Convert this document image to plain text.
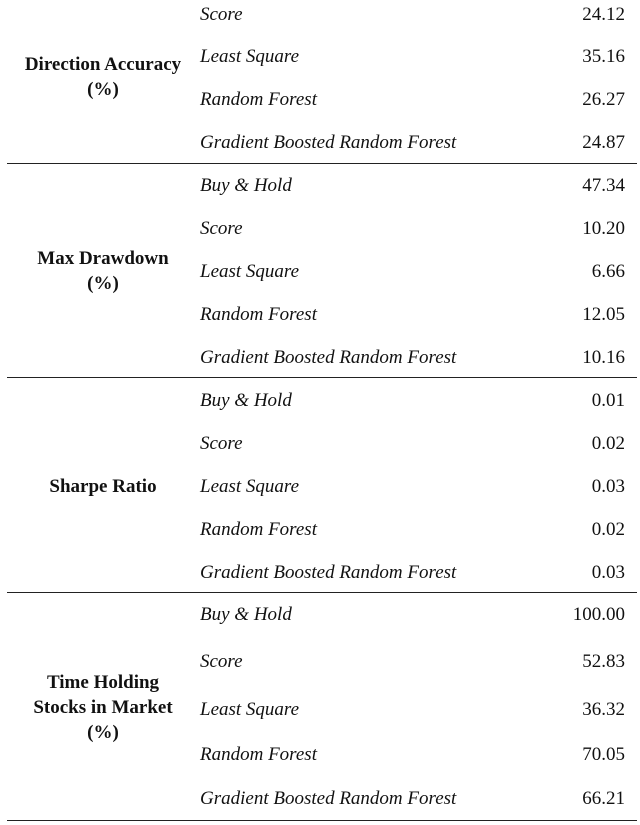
Direction Accuracy
(%)
Score	24.12
Least Square	35.16
Random Forest	26.27
Gradient Boosted Random Forest	24.87
Max Drawdown
(%)
Buy & Hold	47.34
Score	10.20
Least Square	6.66
Random Forest	12.05
Gradient Boosted Random Forest	10.16
Sharpe Ratio
Buy & Hold	0.01
Score	0.02
Least Square	0.03
Random Forest	0.02
Gradient Boosted Random Forest	0.03
Time Holding
Stocks in Market
(%)
Buy & Hold	100.00
Score	52.83
Least Square	36.32
Random Forest	70.05
Gradient Boosted Random Forest	66.21
